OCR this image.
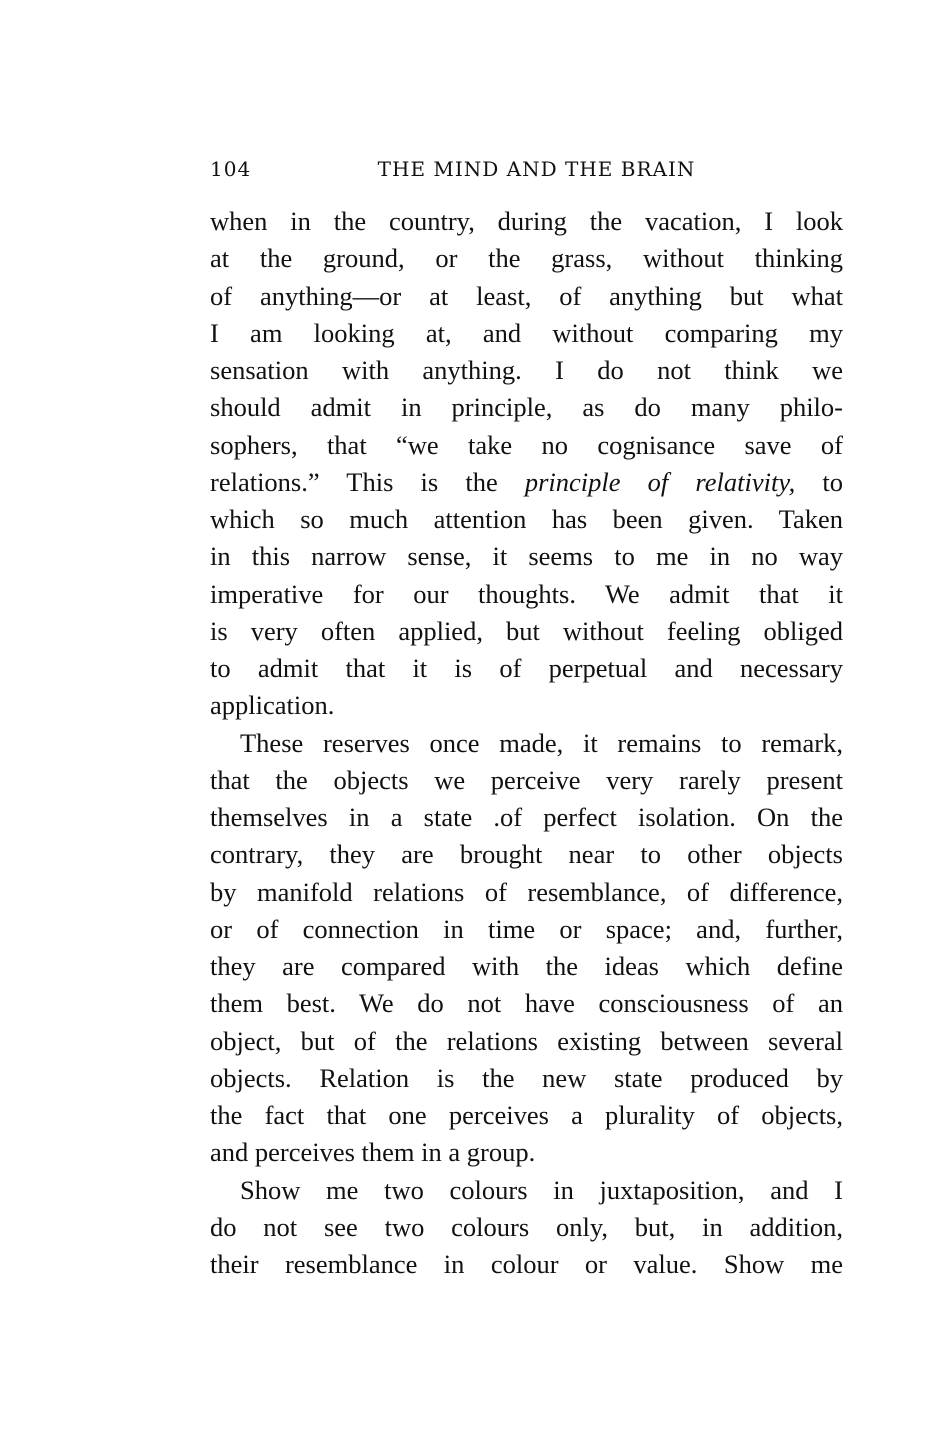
104	THE MIND AND THE BRAIN
when in the country, during the vacation, I look
at the ground, or the grass, without thinking
of anything—or at least, of anything but what
I am looking at, and without comparing my
sensation with anything. I do not think we
should admit in principle, as do many philo-
sophers, that “we take no cognisance save of
relations.” This is the principle of relativity, to
which so much attention has been given. Taken
in this narrow sense, it seems to me in no way
imperative for our thoughts. We admit that it
is very often applied, but without feeling obliged
to admit that it is of perpetual and necessary
application.
These reserves once made, it remains to remark,
that the objects we perceive very rarely present
themselves in a state .of perfect isolation. On the
contrary, they are brought near to other objects
by manifold relations of resemblance, of difference,
or of connection in time or space; and, further,
they are compared with the ideas which define
them best. We do not have consciousness of an
object, but of the relations existing between several
objects. Relation is the new state produced by
the fact that one perceives a plurality of objects,
and perceives them in a group.
Show me two colours in juxtaposition, and I
do not see two colours only, but, in addition,
their resemblance in colour or value. Show me
